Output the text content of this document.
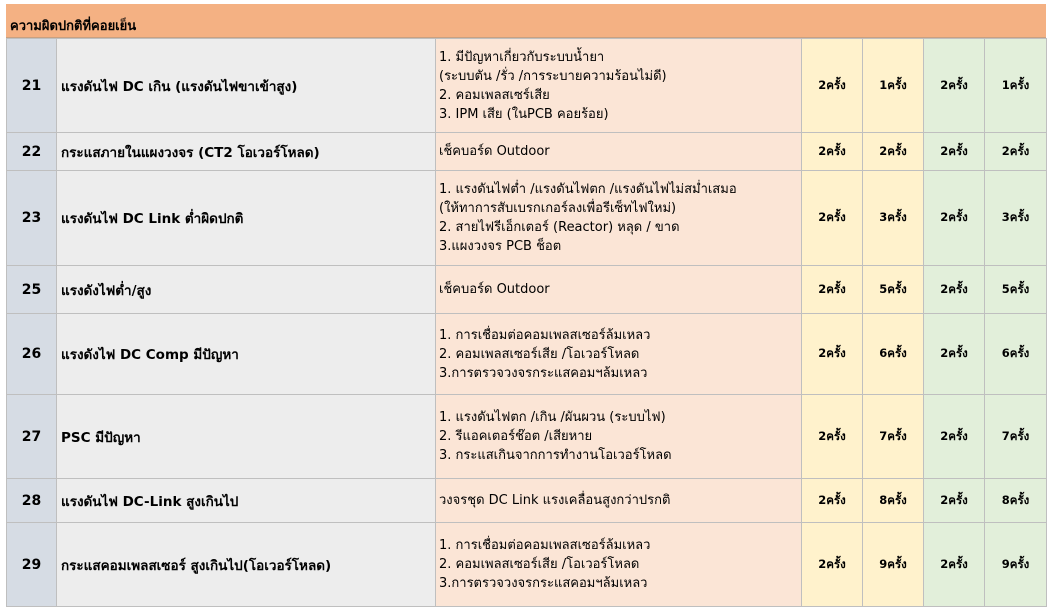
ความผิดปกติที่คอยเย็น
21	แรงดันไฟ DC เกิน (แรงดันไฟขาเข้าสูง)	1. มีปัญหาเกี่ยวกับระบบน้ำยา
(ระบบตัน /รั่ว /การระบายความร้อนไม่ดี)
2. คอมเพลสเซร์เสีย
3. IPM เสีย (ในPCB คอยร้อย)	2ครั้ง	1ครั้ง	2ครั้ง	1ครั้ง
22	กระแสภายในแผงวงจร (CT2 โอเวอร์โหลด)	เช็คบอร์ด Outdoor	2ครั้ง	2ครั้ง	2ครั้ง	2ครั้ง
23	แรงดันไฟ DC Link ต่ำผิดปกติ	1. แรงดันไฟต่ำ /แรงดันไฟตก /แรงดันไฟไม่สม่ำเสมอ
(ให้ทาการสับเบรกเกอร์ลงเพื่อรีเซ็ทไฟใหม่)
2. สายไฟรีเอ็กเตอร์ (Reactor) หลุด / ขาด
3.แผงวงจร PCB ช็อต	2ครั้ง	3ครั้ง	2ครั้ง	3ครั้ง
25	แรงดังไฟต่ำ/สูง	เช็คบอร์ด Outdoor	2ครั้ง	5ครั้ง	2ครั้ง	5ครั้ง
26	แรงดังไฟ DC Comp มีปัญหา	1. การเชื่อมต่อคอมเพลสเซอร์ล้มเหลว
2. คอมเพลสเซอร์เสีย /โอเวอร์โหลด
3.การตรวจวงจรกระแสคอมฯล้มเหลว	2ครั้ง	6ครั้ง	2ครั้ง	6ครั้ง
27	PSC มีปัญหา	1. แรงดันไฟตก /เกิน /ผันผวน (ระบบไฟ)
2. รีแอคเตอร์ช๊อต /เสียหาย
3. กระแสเกินจากการทำงานโอเวอร์โหลด	2ครั้ง	7ครั้ง	2ครั้ง	7ครั้ง
28	แรงดันไฟ DC-Link สูงเกินไป	วงจรชุด DC Link แรงเคลื่อนสูงกว่าปรกติ	2ครั้ง	8ครั้ง	2ครั้ง	8ครั้ง
29	กระแสคอมเพลสเซอร์ สูงเกินไป(โอเวอร์โหลด)	1. การเชื่อมต่อคอมเพลสเซอร์ล้มเหลว
2. คอมเพลสเซอร์เสีย /โอเวอร์โหลด
3.การตรวจวงจรกระแสคอมฯล้มเหลว	2ครั้ง	9ครั้ง	2ครั้ง	9ครั้ง
